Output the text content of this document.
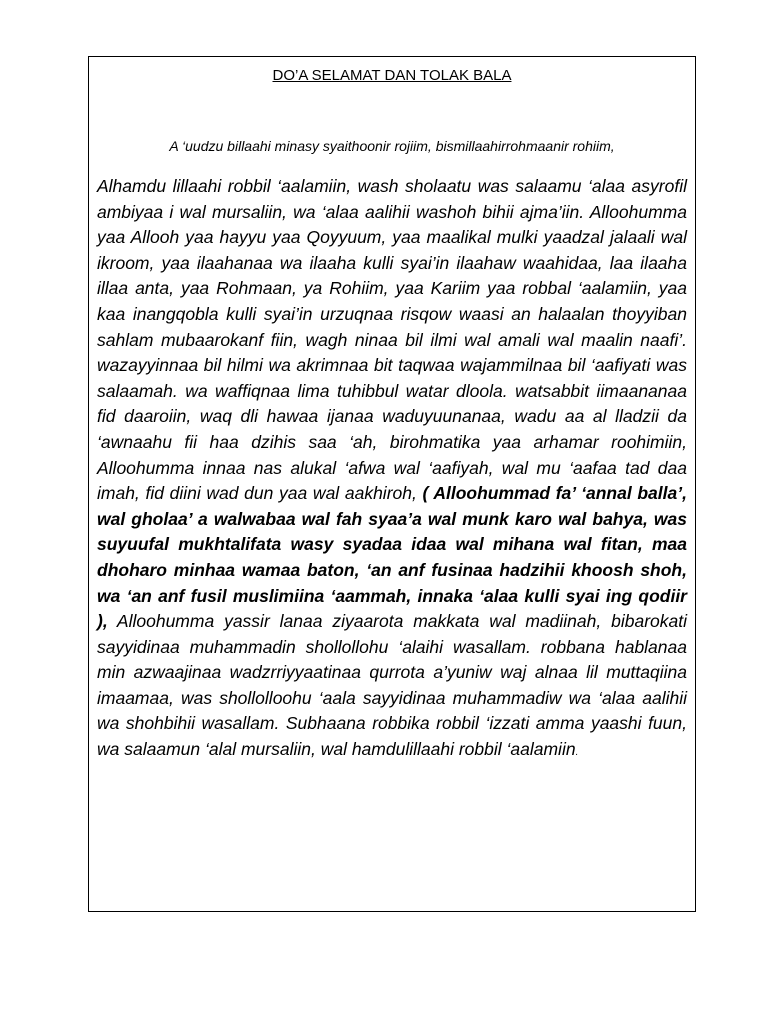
DO’A SELAMAT DAN TOLAK BALA

A ‘uudzu billaahi minasy syaithoonir rojiim, bismillaahirrohmaanir rohiim,

Alhamdu lillaahi robbil ‘aalamiin, wash sholaatu was salaamu ‘alaa asyrofil ambiyaa i wal mursaliin, wa ‘alaa aalihii washoh bihii ajma’iin. Alloohumma yaa Allooh yaa hayyu yaa Qoyyuum, yaa maalikal mulki yaadzal jalaali wal ikroom, yaa ilaahanaa wa ilaaha kulli syai’in ilaahaw waahidaa, laa ilaaha illaa anta, yaa Rohmaan, ya Rohiim, yaa Kariim yaa robbal ‘aalamiin, yaa kaa inangqobla kulli syai’in urzuqnaa risqow waasi an halaalan thoyyiban sahlam mubaarokanf fiin, wagh ninaa bil ilmi wal amali wal maalin naafi’. wazayyinnaa bil hilmi wa akrimnaa bit taqwaa wajammilnaa bil ‘aafiyati was salaamah. wa waffiqnaa lima tuhibbul watar dloola. watsabbit iimaananaa fid daaroiin, waq dli hawaa ijanaa waduyuunanaa, wadu aa al lladzii da ‘awnaahu fii haa dzihis saa ‘ah, birohmatika yaa arhamar roohimiin, Alloohumma innaa nas alukal ‘afwa wal ‘aafiyah, wal mu ‘aafaa tad daa imah, fid diini wad dun yaa wal aakhiroh, ( Alloohummad fa’ ‘annal balla’, wal gholaa’ a walwabaa wal fah syaa’a wal munk karo wal bahya, was suyuufal mukhtalifata wasy syadaa idaa wal mihana wal fitan, maa dhoharo minhaa wamaa baton, ‘an anf fusinaa hadzihii khoosh shoh, wa ‘an anf fusil muslimiina ‘aammah, innaka ‘alaa kulli syai ing qodiir ), Alloohumma yassir lanaa ziyaarota makkata wal madiinah, bibarokati sayyidinaa muhammadin shollollohu ‘alaihi wasallam. robbana hablanaa min azwaajinaa wadzrriyyaatinaa qurrota a’yuniw waj alnaa lil muttaqiina imaamaa, was shollolloohu ‘aala sayyidinaa muhammadiw wa ‘alaa aalihii wa shohbihii wasallam. Subhaana robbika robbil ‘izzati amma yaashi fuun, wa salaamun ‘alal mursaliin, wal hamdulillaahi robbil ‘aalamiin.
